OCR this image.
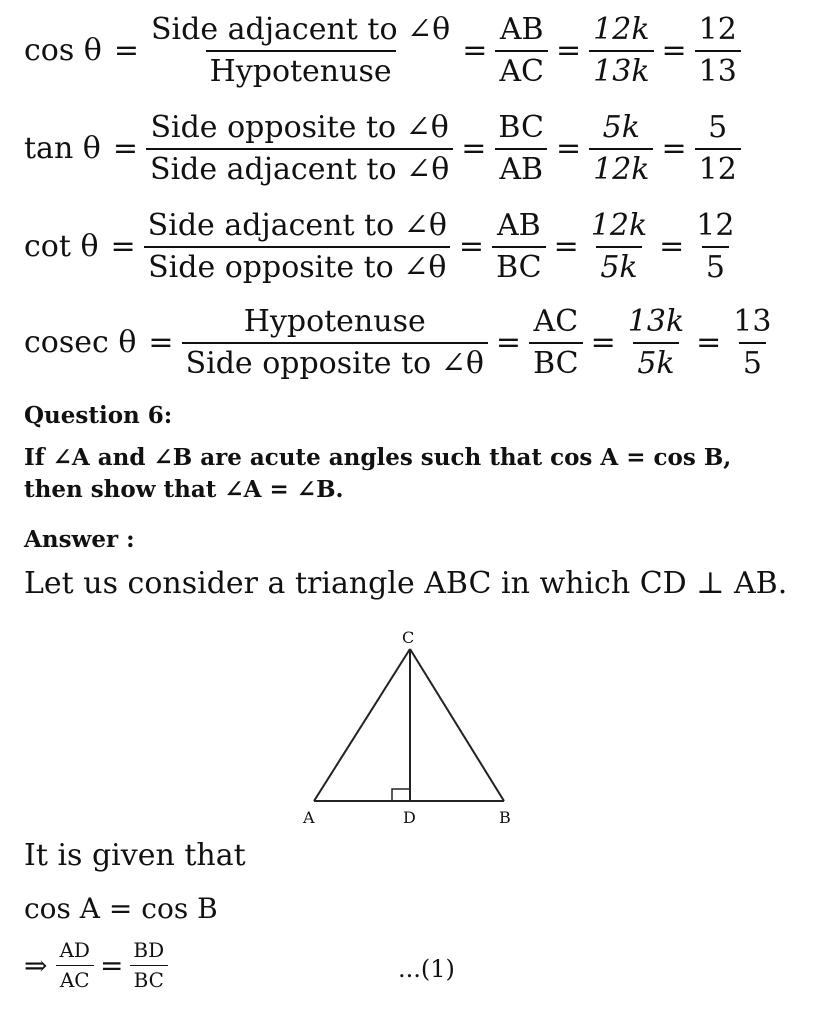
$\cos \theta = \frac{\text{Side adjacent to ∠θ}}{\text{Hypotenuse}} = \frac{AB}{AC} = \frac{12k}{13k} = \frac{12}{13}$
$\tan \theta = \frac{\text{Side opposite to ∠θ}}{\text{Side adjacent to ∠θ}} = \frac{BC}{AB} = \frac{5k}{12k} = \frac{5}{12}$
$\cot \theta = \frac{\text{Side adjacent to ∠θ}}{\text{Side opposite to ∠θ}} = \frac{AB}{BC} = \frac{12k}{5k} = \frac{12}{5}$
cosec $\theta = \frac{\text{Hypotenuse}}{\text{Side opposite to ∠θ}} = \frac{AC}{BC} = \frac{13k}{5k} = \frac{13}{5}$
Question 6:
If ∠A and ∠B are acute angles such that cos A = cos B,
then show that ∠A = ∠B.
Answer :
Let us consider a triangle ABC in which CD ⊥ AB.
C
A	D	B
It is given that
cos A = cos B
⇒ $\frac{AD}{AC} = \frac{BD}{BC}$	...(1)
